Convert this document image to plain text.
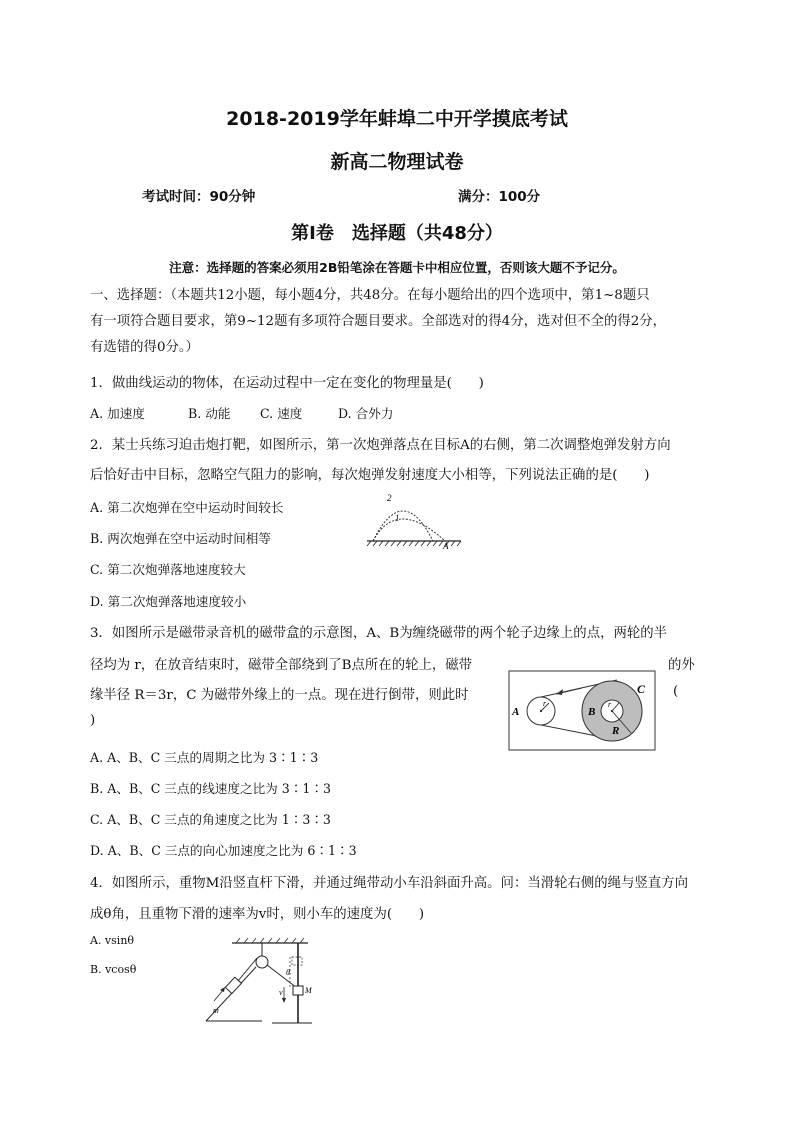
2018-2019学年蚌埠二中开学摸底考试
新高二物理试卷
考试时间：90分钟	满分：100分
第Ⅰ卷　选择题（共48分）
注意：选择题的答案必须用2B铅笔涂在答题卡中相应位置，否则该大题不予记分。
一、选择题：（本题共12小题，每小题4分，共48分。在每小题给出的四个选项中，第1~8题只
有一项符合题目要求，第9~12题有多项符合题目要求。全部选对的得4分，选对但不全的得2分，
有选错的得0分。）
1．做曲线运动的物体，在运动过程中一定在变化的物理量是(　　)
A. 加速度	B. 动能 C. 速度	D. 合外力
2．某士兵练习迫击炮打靶，如图所示，第一次炮弹落点在目标A的右侧，第二次调整炮弹发射方向
后恰好击中目标，忽略空气阻力的影响，每次炮弹发射速度大小相等，下列说法正确的是(　　)
A. 第二次炮弹在空中运动时间较长
B. 两次炮弹在空中运动时间相等
C. 第二次炮弹落地速度较大
D. 第二次炮弹落地速度较小
2
1
A
3．如图所示是磁带录音机的磁带盒的示意图，A、B为缠绕磁带的两个轮子边缘上的点，两轮的半
径均为 r，在放音结束时，磁带全部绕到了B点所在的轮上，磁带	的外
缘半径 R＝3r，C 为磁带外缘上的一点。现在进行倒带，则此时	(
)
A. A、B、C 三点的周期之比为 3∶1∶3
B. A、B、C 三点的线速度之比为 3∶1∶3
C. A、B、C 三点的角速度之比为 1∶3∶3
D. A、B、C 三点的向心加速度之比为 6∶1∶3
A	B
C
r	r
R
4．如图所示，重物M沿竖直杆下滑，并通过绳带动小车沿斜面升高。问：当滑轮右侧的绳与竖直方向
成θ角，且重物下滑的速率为v时，则小车的速度为(　　)
A. vsinθ
B. vcosθ	θ
v	M
m
